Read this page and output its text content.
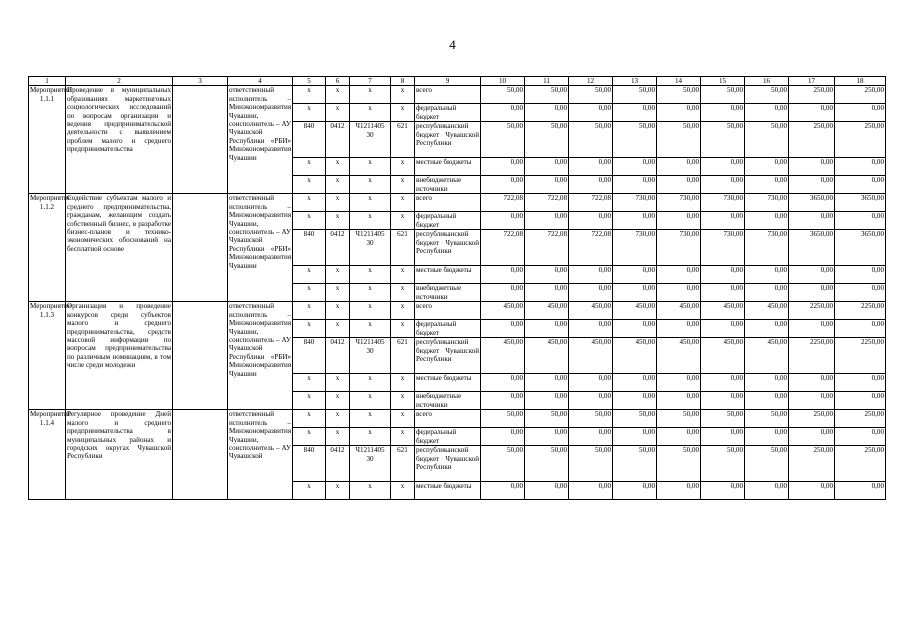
4
1	2	3	4	5	6	7	8	9	10	11	12	13	14	15	16	17	18
Мероприятие 1.1.1	Проведение в муниципальных образованиях маркетинговых социологических исследований по вопросам организации и ведения предпринимательской деятельности с выявлением проблем малого и среднего предпринимательства		ответственный исполнитель – Минэкономразвития Чувашии, соисполнитель – АУ Чувашской Республики «РБИ» Минэкономразвития Чувашии	x	x	x	x	всего	50,00	50,00	50,00	50,00	50,00	50,00	50,00	250,00	250,00
				x	x	x	x	федеральный бюджет	0,00	0,00	0,00	0,00	0,00	0,00	0,00	0,00	0,00
				840	0412	Ч1211405 30	621	республиканский бюджет Чувашской Республики	50,00	50,00	50,00	50,00	50,00	50,00	50,00	250,00	250,00
				x	x	x	x	местные бюджеты	0,00	0,00	0,00	0,00	0,00	0,00	0,00	0,00	0,00
				x	x	x	x	внебюджетные источники	0,00	0,00	0,00	0,00	0,00	0,00	0,00	0,00	0,00
Мероприятие 1.1.2	Содействие субъектам малого и среднего предпринимательства, гражданам, желающим создать собственный бизнес, в разработке бизнес-планов и технико-экономических обоснований на бесплатной основе		ответственный исполнитель – Минэкономразвития Чувашии, соисполнитель – АУ Чувашской Республики «РБИ» Минэкономразвития Чувашии	x	x	x	x	всего	722,08	722,08	722,08	730,00	730,00	730,00	730,00	3650,00	3650,00
				x	x	x	x	федеральный бюджет	0,00	0,00	0,00	0,00	0,00	0,00	0,00	0,00	0,00
				840	0412	Ч1211405 30	621	республиканский бюджет Чувашской Республики	722,08	722,08	722,08	730,00	730,00	730,00	730,00	3650,00	3650,00
				x	x	x	x	местные бюджеты	0,00	0,00	0,00	0,00	0,00	0,00	0,00	0,00	0,00
				x	x	x	x	внебюджетные источники	0,00	0,00	0,00	0,00	0,00	0,00	0,00	0,00	0,00
Мероприятие 1.1.3	Организация и проведение конкурсов среди субъектов малого и среднего предпринимательства, средств массовой информации по вопросам предпринимательства по различным номинациям, в том числе среди молодежи		ответственный исполнитель – Минэкономразвития Чувашии, соисполнитель – АУ Чувашской Республики «РБИ» Минэкономразвития Чувашии	x	x	x	x	всего	450,00	450,00	450,00	450,00	450,00	450,00	450,00	2250,00	2250,00
				x	x	x	x	федеральный бюджет	0,00	0,00	0,00	0,00	0,00	0,00	0,00	0,00	0,00
				840	0412	Ч1211405 30	621	республиканский бюджет Чувашской Республики	450,00	450,00	450,00	450,00	450,00	450,00	450,00	2250,00	2250,00
				x	x	x	x	местные бюджеты	0,00	0,00	0,00	0,00	0,00	0,00	0,00	0,00	0,00
				x	x	x	x	внебюджетные источники	0,00	0,00	0,00	0,00	0,00	0,00	0,00	0,00	0,00
Мероприятие 1.1.4	Регулярное проведение Дней малого и среднего предпринимательства в муниципальных районах и городских округах Чувашской Республики		ответственный исполнитель – Минэкономразвития Чувашии, соисполнитель – АУ Чувашской	x	x	x	x	всего	50,00	50,00	50,00	50,00	50,00	50,00	50,00	250,00	250,00
				x	x	x	x	федеральный бюджет	0,00	0,00	0,00	0,00	0,00	0,00	0,00	0,00	0,00
				840	0412	Ч1211405 30	621	республиканский бюджет Чувашской Республики	50,00	50,00	50,00	50,00	50,00	50,00	50,00	250,00	250,00
				x	x	x	x	местные бюджеты	0,00	0,00	0,00	0,00	0,00	0,00	0,00	0,00	0,00
